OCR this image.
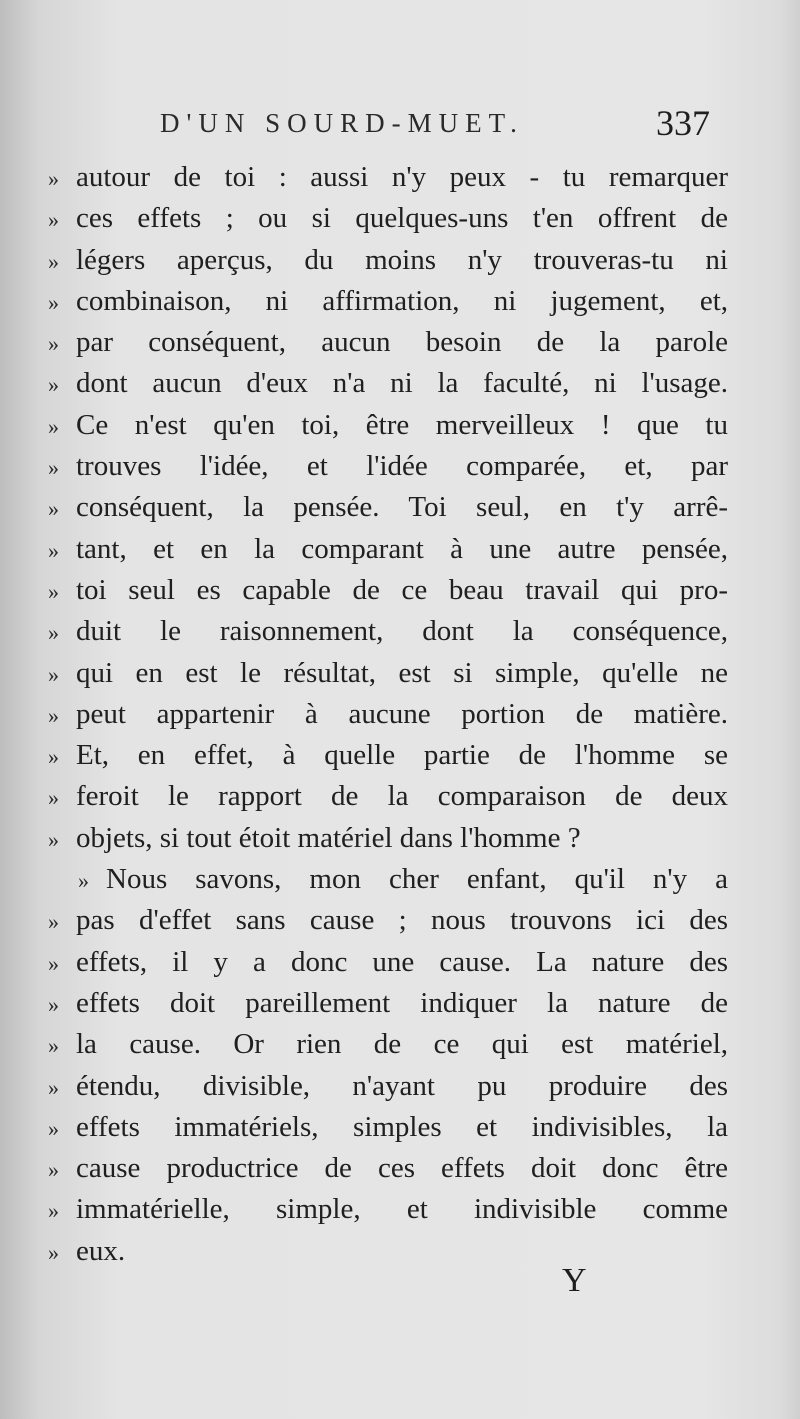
D'UN SOURD-MUET.	337
» autour de toi : aussi n'y peux - tu remarquer
» ces effets ; ou si quelques-uns t'en offrent de
» légers aperçus, du moins n'y trouveras-tu ni
» combinaison, ni affirmation, ni jugement, et,
» par conséquent, aucun besoin de la parole
» dont aucun d'eux n'a ni la faculté, ni l'usage.
» Ce n'est qu'en toi, être merveilleux ! que tu
» trouves l'idée, et l'idée comparée, et, par
» conséquent, la pensée. Toi seul, en t'y arrê-
» tant, et en la comparant à une autre pensée,
» toi seul es capable de ce beau travail qui pro-
» duit le raisonnement, dont la conséquence,
» qui en est le résultat, est si simple, qu'elle ne
» peut appartenir à aucune portion de matière.
» Et, en effet, à quelle partie de l'homme se
» feroit le rapport de la comparaison de deux
» objets, si tout étoit matériel dans l'homme ?
» Nous savons, mon cher enfant, qu'il n'y a
» pas d'effet sans cause ; nous trouvons ici des
» effets, il y a donc une cause. La nature des
» effets doit pareillement indiquer la nature de
» la cause. Or rien de ce qui est matériel,
» étendu, divisible, n'ayant pu produire des
» effets immatériels, simples et indivisibles, la
» cause productrice de ces effets doit donc être
» immatérielle, simple, et indivisible comme
» eux.
Y
